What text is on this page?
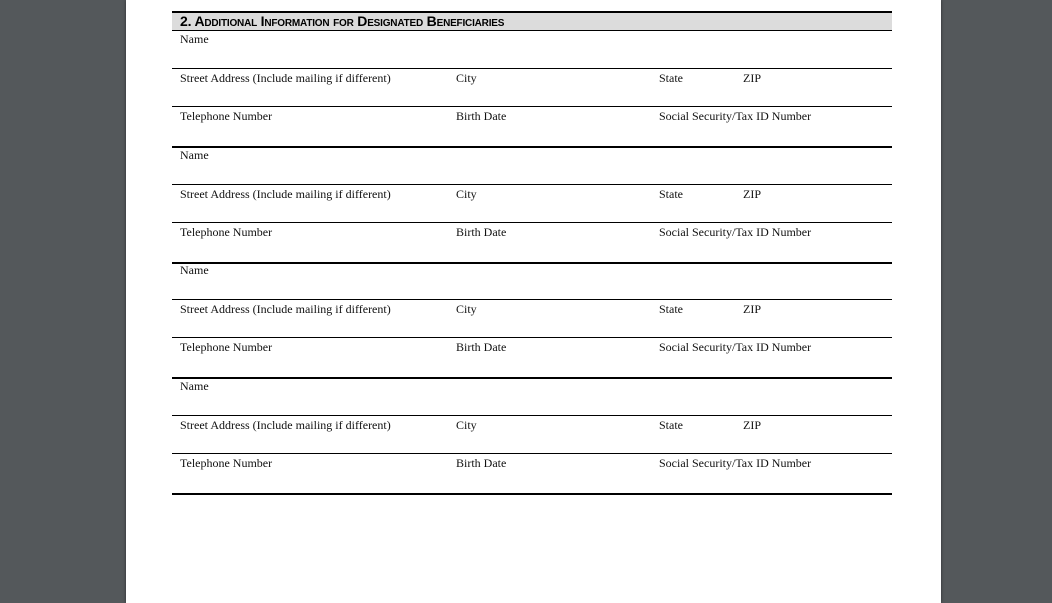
2. Additional Information for Designated Beneficiaries
Name
Street Address (Include mailing if different)	City	State	ZIP
Telephone Number	Birth Date	Social Security/Tax ID Number
Name
Street Address (Include mailing if different)	City	State	ZIP
Telephone Number	Birth Date	Social Security/Tax ID Number
Name
Street Address (Include mailing if different)	City	State	ZIP
Telephone Number	Birth Date	Social Security/Tax ID Number
Name
Street Address (Include mailing if different)	City	State	ZIP
Telephone Number	Birth Date	Social Security/Tax ID Number
